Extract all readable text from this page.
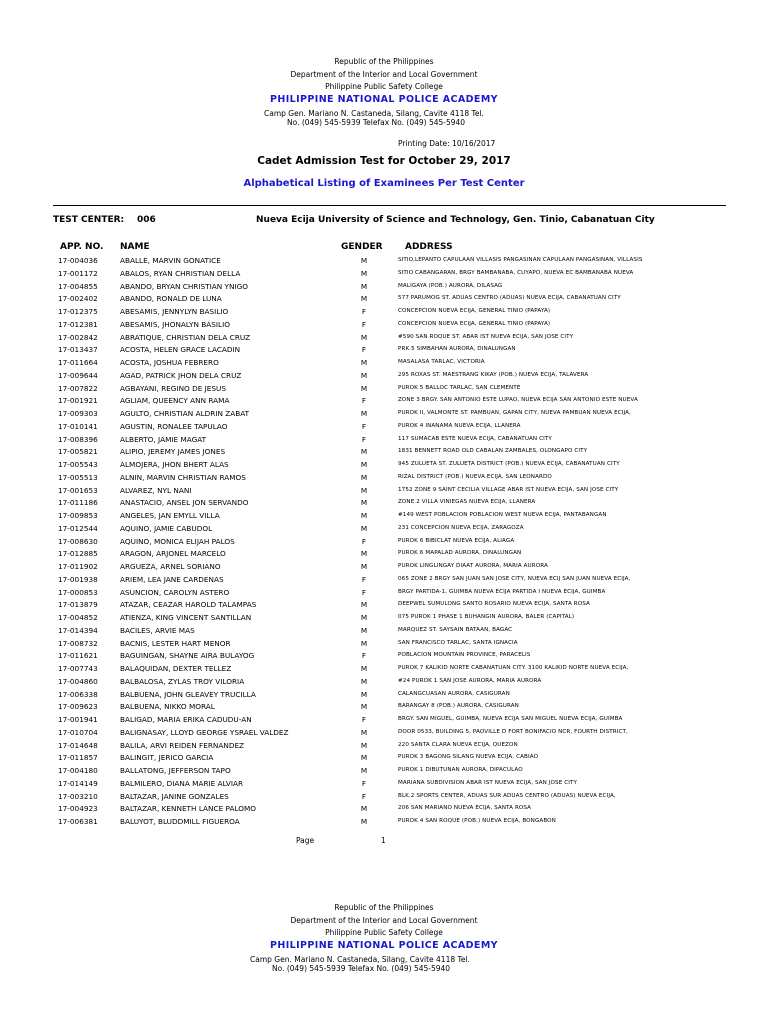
Republic of the Philippines
Department of the Interior and Local Government
Philippine Public Safety College
PHILIPPINE NATIONAL POLICE ACADEMY
Camp Gen. Mariano N. Castaneda, Silang, Cavite 4118 Tel.
No. (049) 545-5939 Telefax No. (049) 545-5940
Printing Date: 10/16/2017
Cadet Admission Test for October 29, 2017
Alphabetical Listing of Examinees Per Test Center
TEST CENTER: 006	Nueva Ecija University of Science and Technology, Gen. Tinio, Cabanatuan City
APP. NO. NAME	GENDER ADDRESS
17-004036	ABALLE, MARVIN GONATICE	M	SITIO,LEPANTO CAPULAAN VILLASIS PANGASINAN CAPULAAN PANGASINAN, VILLASIS
17-001172	ABALOS, RYAN CHRISTIAN DELLA	M	SITIO CABANGARAN, BRGY BAMBANABA, CUYAPO, NUEVA EC BAMBANABA NUEVA
17-004855	ABANDO, BRYAN CHRISTIAN YNIGO	M	MALIGAYA (POB.) AURORA, DILASAG
17-002402	ABANDO, RONALD DE LUNA	M	577 PARUMOG ST. ADUAS CENTRO (ADUAS) NUEVA ECIJA, CABANATUAN CITY
17-012375	ABESAMIS, JENNYLYN BASILIO	F	CONCEPCION NUEVA ECIJA, GENERAL TINIO (PAPAYA)
17-012381	ABESAMIS, JHONALYN BASILIO	F	CONCEPCION NUEVA ECIJA, GENERAL TINIO (PAPAYA)
17-002842	ABRATIQUE, CHRISTIAN DELA CRUZ	M	#590 SAN ROQUE ST. ABAR IST NUEVA ECIJA, SAN JOSE CITY
17-013437	ACOSTA, HELEN GRACE LACADIN	F	PRK.5 SIMBAHAN AURORA, DINALUNGAN
17-011664	ACOSTA, JOSHUA FEBRERO	M	MASALASA TARLAC, VICTORIA
17-009644	AGAD, PATRICK JHON DELA CRUZ	M	295 ROXAS ST. MAESTRANG KIKAY (POB.) NUEVA ECIJA, TALAVERA
17-007822	AGBAYANI, REGINO DE JESUS	M	PUROK 5 BALLOC TARLAC, SAN CLEMENTE
17-001921	AGLIAM, QUEENCY ANN RAMA	F	ZONE 3 BRGY. SAN ANTONIO ESTE LUPAO, NUEVA ECIJA SAN ANTONIO ESTE NUEVA
17-009303	AGULTO, CHRISTIAN ALDRIN ZABAT	M	PUROK II, VALMONTE ST. PAMBUAN, GAPAN CITY, NUEVA PAMBUAN NUEVA ECIJA,
17-010141	AGUSTIN, RONALEE TAPULAO	F	PUROK 4 INANAMA NUEVA ECIJA, LLANERA
17-008396	ALBERTO, JAMIE MAGAT	F	117 SUMACAB ESTE NUEVA ECIJA, CABANATUAN CITY
17-005821	ALIPIO, JEREMY JAMES JONES	M	1831 BENNETT ROAD OLD CABALAN ZAMBALES, OLONGAPO CITY
17-005543	ALMOJERA, JHON BHERT ALAS	M	945 ZULUETA ST. ZULUETA DISTRICT (POB.) NUEVA ECIJA, CABANATUAN CITY
17-005513	ALNIN, MARVIN CHRISTIAN RAMOS	M	RIZAL DISTRICT (POB.) NUEVA ECIJA, SAN LEONARDO
17-001653	ALVAREZ, NYL NANI	M	1752 ZONE 9 SAINT CECILIA VILLAGE ABAR IST NUEVA ECIJA, SAN JOSE CITY
17-011186	ANASTACIO, ANSEL JON SERVANDO	M	ZONE 2 VILLA VINIEGAS NUEVA ECIJA, LLANERA
17-009853	ANGELES, JAN EMYLL VILLA	M	#149 WEST POBLACION POBLACION WEST NUEVA ECIJA, PANTABANGAN
17-012544	AQUINO, JAMIE CABUDOL	M	231 CONCEPCION NUEVA ECIJA, ZARAGOZA
17-008630	AQUINO, MONICA ELIJAH PALOS	F	PUROK 6 BIBICLAT NUEVA ECIJA, ALIAGA
17-012885	ARAGON, ARJONEL MARCELO	M	PUROK 6 MAPALAD AURORA, DINALUNGAN
17-011902	ARGUEZA, ARNEL SORIANO	M	PUROK LINGLINGAY DIAAT AURORA, MARIA AURORA
17-001938	ARIEM, LEA JANE CARDENAS	F	065 ZONE 2 BRGY SAN JUAN SAN JOSE CITY, NUEVA ECIJ SAN JUAN NUEVA ECIJA,
17-000853	ASUNCION, CAROLYN ASTERO	F	BRGY PARTIDA-1, GUIMBA NUEVA ECIJA PARTIDA I NUEVA ECIJA, GUIMBA
17-013879	ATAZAR, CEAZAR HAROLD TALAMPAS	M	DEEPWEL SUMULONG SANTO ROSARIO NUEVA ECIJA, SANTA ROSA
17-004852	ATIENZA, KING VINCENT SANTILLAN	M	075 PUROK 1 PHASE 1 BUHANGIN AURORA, BALER (CAPITAL)
17-014394	BACILES, ARVIE MAS	M	MARQUEZ ST. SAYSAIN BATAAN, BAGAC
17-008732	BACNIS, LESTER HART MENOR	M	SAN FRANCISCO TARLAC, SANTA IGNACIA
17-011621	BAGUINGAN, SHAYNE AIRA BULAYOG	F	POBLACION MOUNTAIN PROVINCE, PARACELIS
17-007743	BALAQUIDAN, DEXTER TELLEZ	M	PUROK 7 KALIKID NORTE CABANATUAN CITY. 3100 KALIKID NORTE NUEVA ECIJA,
17-004860	BALBALOSA, ZYLAS TROY VILORIA	M	#24 PUROK 1 SAN JOSE AURORA, MARIA AURORA
17-006338	BALBUENA, JOHN GLEAVEY TRUCILLA	M	CALANGCUASAN AURORA, CASIGURAN
17-009623	BALBUENA, NIKKO MORAL	M	BARANGAY 8 (POB.) AURORA, CASIGURAN
17-001941	BALIGAD, MARIA ERIKA CADUDU-AN	F	BRGY. SAN MIGUEL, GUIMBA, NUEVA ECIJA SAN MIGUEL NUEVA ECIJA, GUIMBA
17-010704	BALIGNASAY, LLOYD GEORGE YSRAEL VALDEZ	M	DOOR 0533, BUILDING 5, PAOVILLE D FORT BONIFACIO NCR, FOURTH DISTRICT,
17-014648	BALILA, ARVI REIDEN FERNANDEZ	M	220 SANTA CLARA NUEVA ECIJA, QUEZON
17-011857	BALINGIT, JERICO GARCIA	M	PUROK 3 BAGONG SILANG NUEVA ECIJA, CABIAO
17-004180	BALLATONG, JEFFERSON TAPO	M	PUROK 1 DIBUTUNAN AURORA, DIPACULAO
17-014149	BALMILERO, DIANA MARIE ALVIAR	F	MARIANA SUBDIVISION ABAR IST NUEVA ECIJA, SAN JOSE CITY
17-003210	BALTAZAR, JANINE GONZALES	F	BLK.2 SPORTS CENTER, ADUAS SUR ADUAS CENTRO (ADUAS) NUEVA ECIJA,
17-004923	BALTAZAR, KENNETH LANCE PALOMO	M	206 SAN MARIANO NUEVA ECIJA, SANTA ROSA
17-006381	BALUYOT, BLUDDMILL FIGUEROA	M	PUROK 4 SAN ROQUE (POB.) NUEVA ECIJA, BONGABON
Page	1
Republic of the Philippines
Department of the Interior and Local Government
Philippine Public Safety College
PHILIPPINE NATIONAL POLICE ACADEMY
Camp Gen. Mariano N. Castaneda, Silang, Cavite 4118 Tel.
No. (049) 545-5939 Telefax No. (049) 545-5940
